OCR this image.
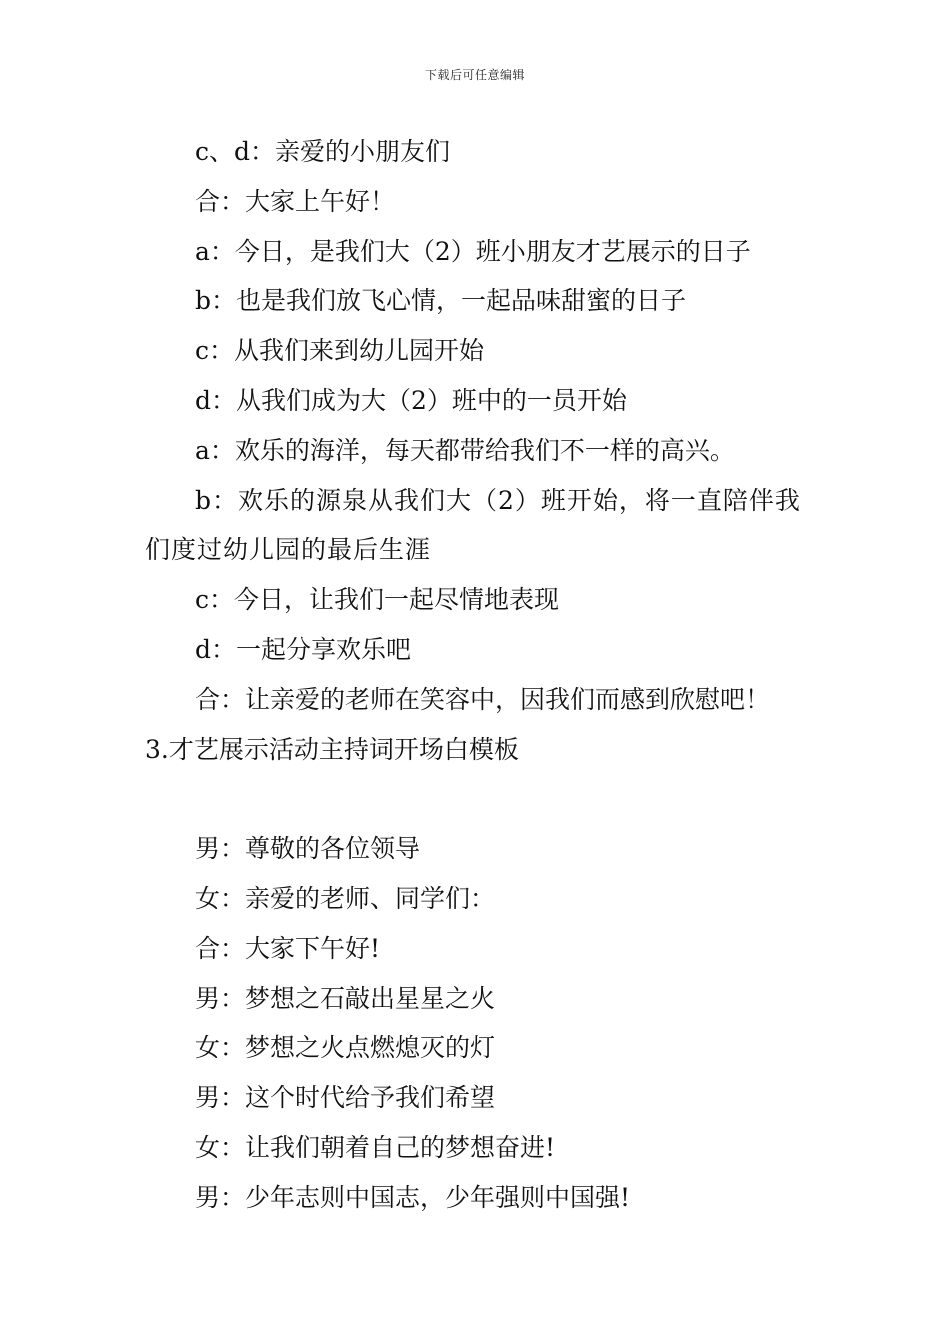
下载后可任意编辑

c、d：亲爱的小朋友们

合：大家上午好！

a：今日，是我们大（2）班小朋友才艺展示的日子

b：也是我们放飞心情，一起品味甜蜜的日子

c：从我们来到幼儿园开始

d：从我们成为大（2）班中的一员开始

a：欢乐的海洋，每天都带给我们不一样的高兴。

b：欢乐的源泉从我们大（2）班开始，将一直陪伴我们度过幼儿园的最后生涯

c：今日，让我们一起尽情地表现

d：一起分享欢乐吧

合：让亲爱的老师在笑容中，因我们而感到欣慰吧！

3.才艺展示活动主持词开场白模板

男：尊敬的各位领导

女：亲爱的老师、同学们：

合：大家下午好!

男：梦想之石敲出星星之火

女：梦想之火点燃熄灭的灯

男：这个时代给予我们希望

女：让我们朝着自己的梦想奋进!

男：少年志则中国志，少年强则中国强!
